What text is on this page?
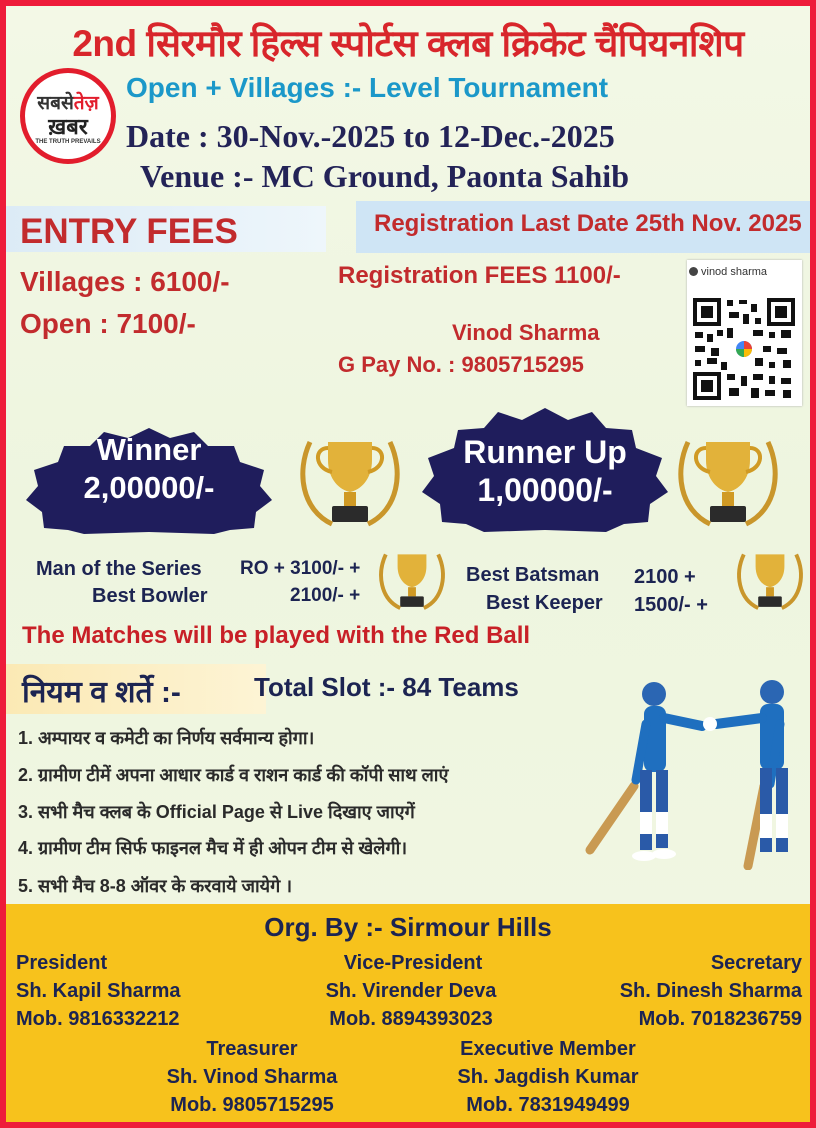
2nd सिरमौर हिल्स स्पोर्टस क्लब क्रिकेट चैंपियनशिप
सबसेतेज़
ख़बर
THE TRUTH PREVAILS
Open + Villages :- Level Tournament
Date : 30-Nov.-2025 to 12-Dec.-2025
Venue :- MC Ground, Paonta Sahib
ENTRY FEES	Registration Last Date 25th Nov. 2025
Villages : 6100/-
Open : 7100/-
Registration FEES 1100/-
Vinod Sharma
G Pay No. : 9805715295
vinod sharma
Winner
2,00000/-
Runner Up
1,00000/-
Man of the Series RO + 3100/- +
Best Bowler	2100/- +
Best Batsman 2100 +
Best Keeper 1500/- +
The Matches will be played with the Red Ball
नियम व शर्ते :-	Total Slot :- 84 Teams
1. अम्पायर व कमेटी का निर्णय सर्वमान्य होगा।
2. ग्रामीण टीमें अपना आधार कार्ड व राशन कार्ड की कॉपी साथ लाएं
3. सभी मैच क्लब के Official Page से Live दिखाए जाएगें
4. ग्रामीण टीम सिर्फ फाइनल मैच में ही ओपन टीम से खेलेगी।
5. सभी मैच 8-8 ऑवर के करवाये जायेगे ।
Org. By :- Sirmour Hills
President
Sh. Kapil Sharma
Mob. 9816332212
Vice-President
Sh. Virender Deva
Mob. 8894393023
Secretary
Sh. Dinesh Sharma
Mob. 7018236759
Treasurer
Sh. Vinod Sharma
Mob. 9805715295
Executive Member
Sh. Jagdish Kumar
Mob. 7831949499
